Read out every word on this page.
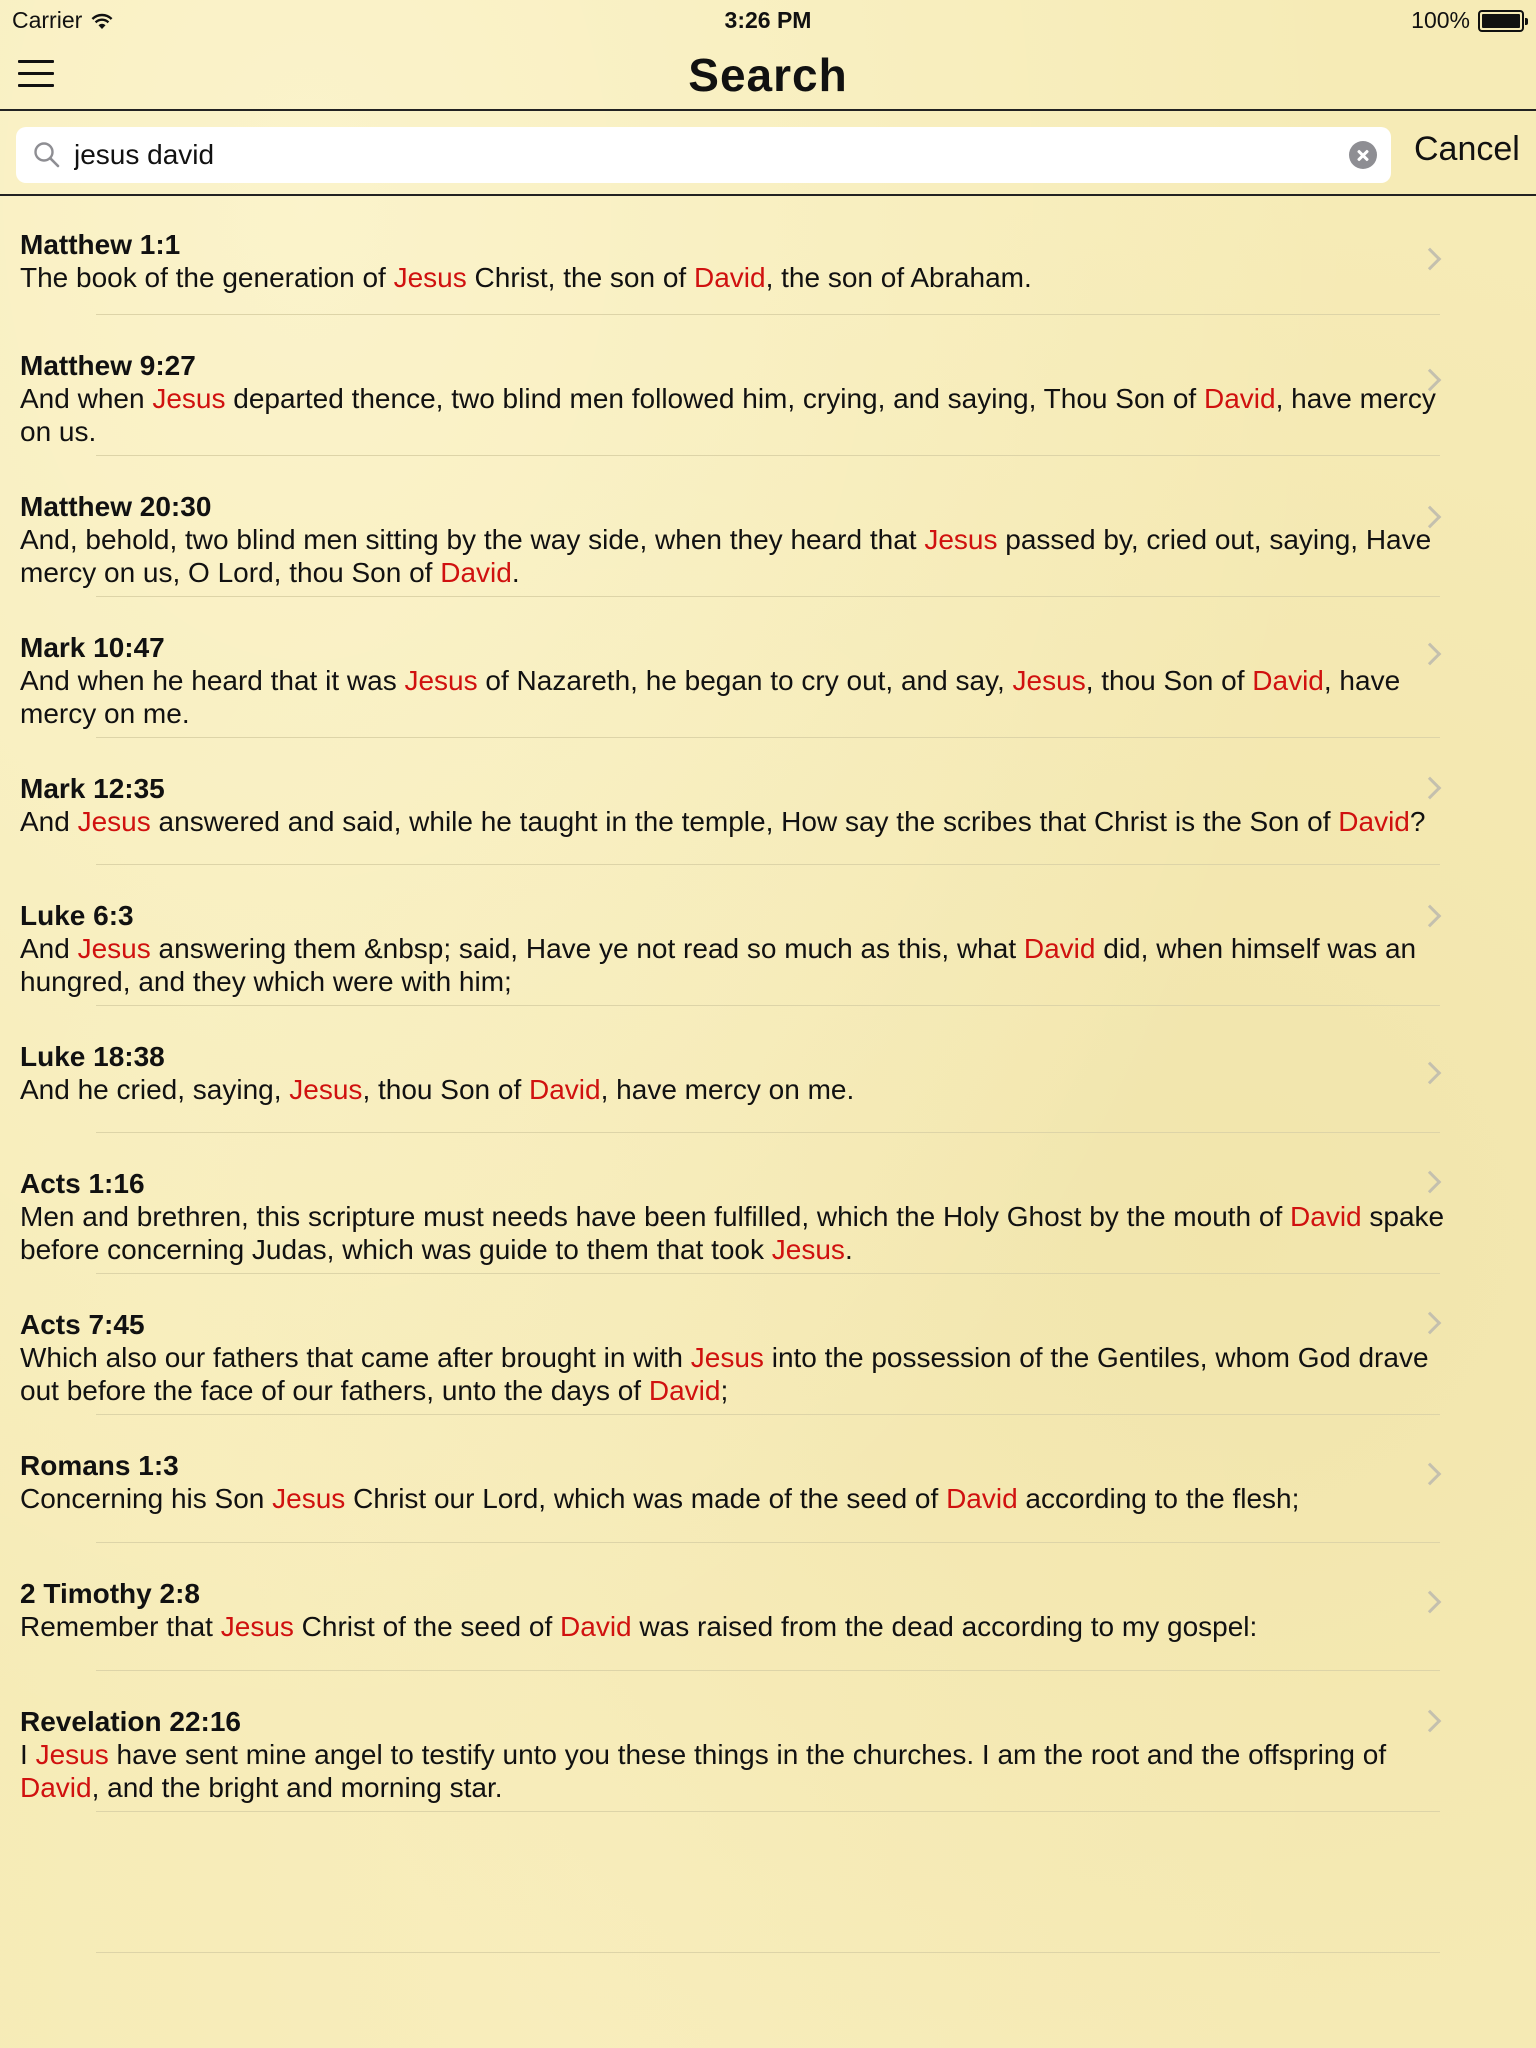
Carrier	3:26 PM	100%
Search
jesus david
Cancel
Matthew 1:1
The book of the generation of Jesus Christ, the son of David, the son of Abraham.
Matthew 9:27
And when Jesus departed thence, two blind men followed him, crying, and saying, Thou Son of David, have mercy on us.
Matthew 20:30
And, behold, two blind men sitting by the way side, when they heard that Jesus passed by, cried out, saying, Have mercy on us, O Lord, thou Son of David.
Mark 10:47
And when he heard that it was Jesus of Nazareth, he began to cry out, and say, Jesus, thou Son of David, have mercy on me.
Mark 12:35
And Jesus answered and said, while he taught in the temple, How say the scribes that Christ is the Son of David?
Luke 6:3
And Jesus answering them &nbsp; said, Have ye not read so much as this, what David did, when himself was an hungred, and they which were with him;
Luke 18:38
And he cried, saying, Jesus, thou Son of David, have mercy on me.
Acts 1:16
Men and brethren, this scripture must needs have been fulfilled, which the Holy Ghost by the mouth of David spake before concerning Judas, which was guide to them that took Jesus.
Acts 7:45
Which also our fathers that came after brought in with Jesus into the possession of the Gentiles, whom God drave out before the face of our fathers, unto the days of David;
Romans 1:3
Concerning his Son Jesus Christ our Lord, which was made of the seed of David according to the flesh;
2 Timothy 2:8
Remember that Jesus Christ of the seed of David was raised from the dead according to my gospel:
Revelation 22:16
I Jesus have sent mine angel to testify unto you these things in the churches. I am the root and the offspring of David, and the bright and morning star.
